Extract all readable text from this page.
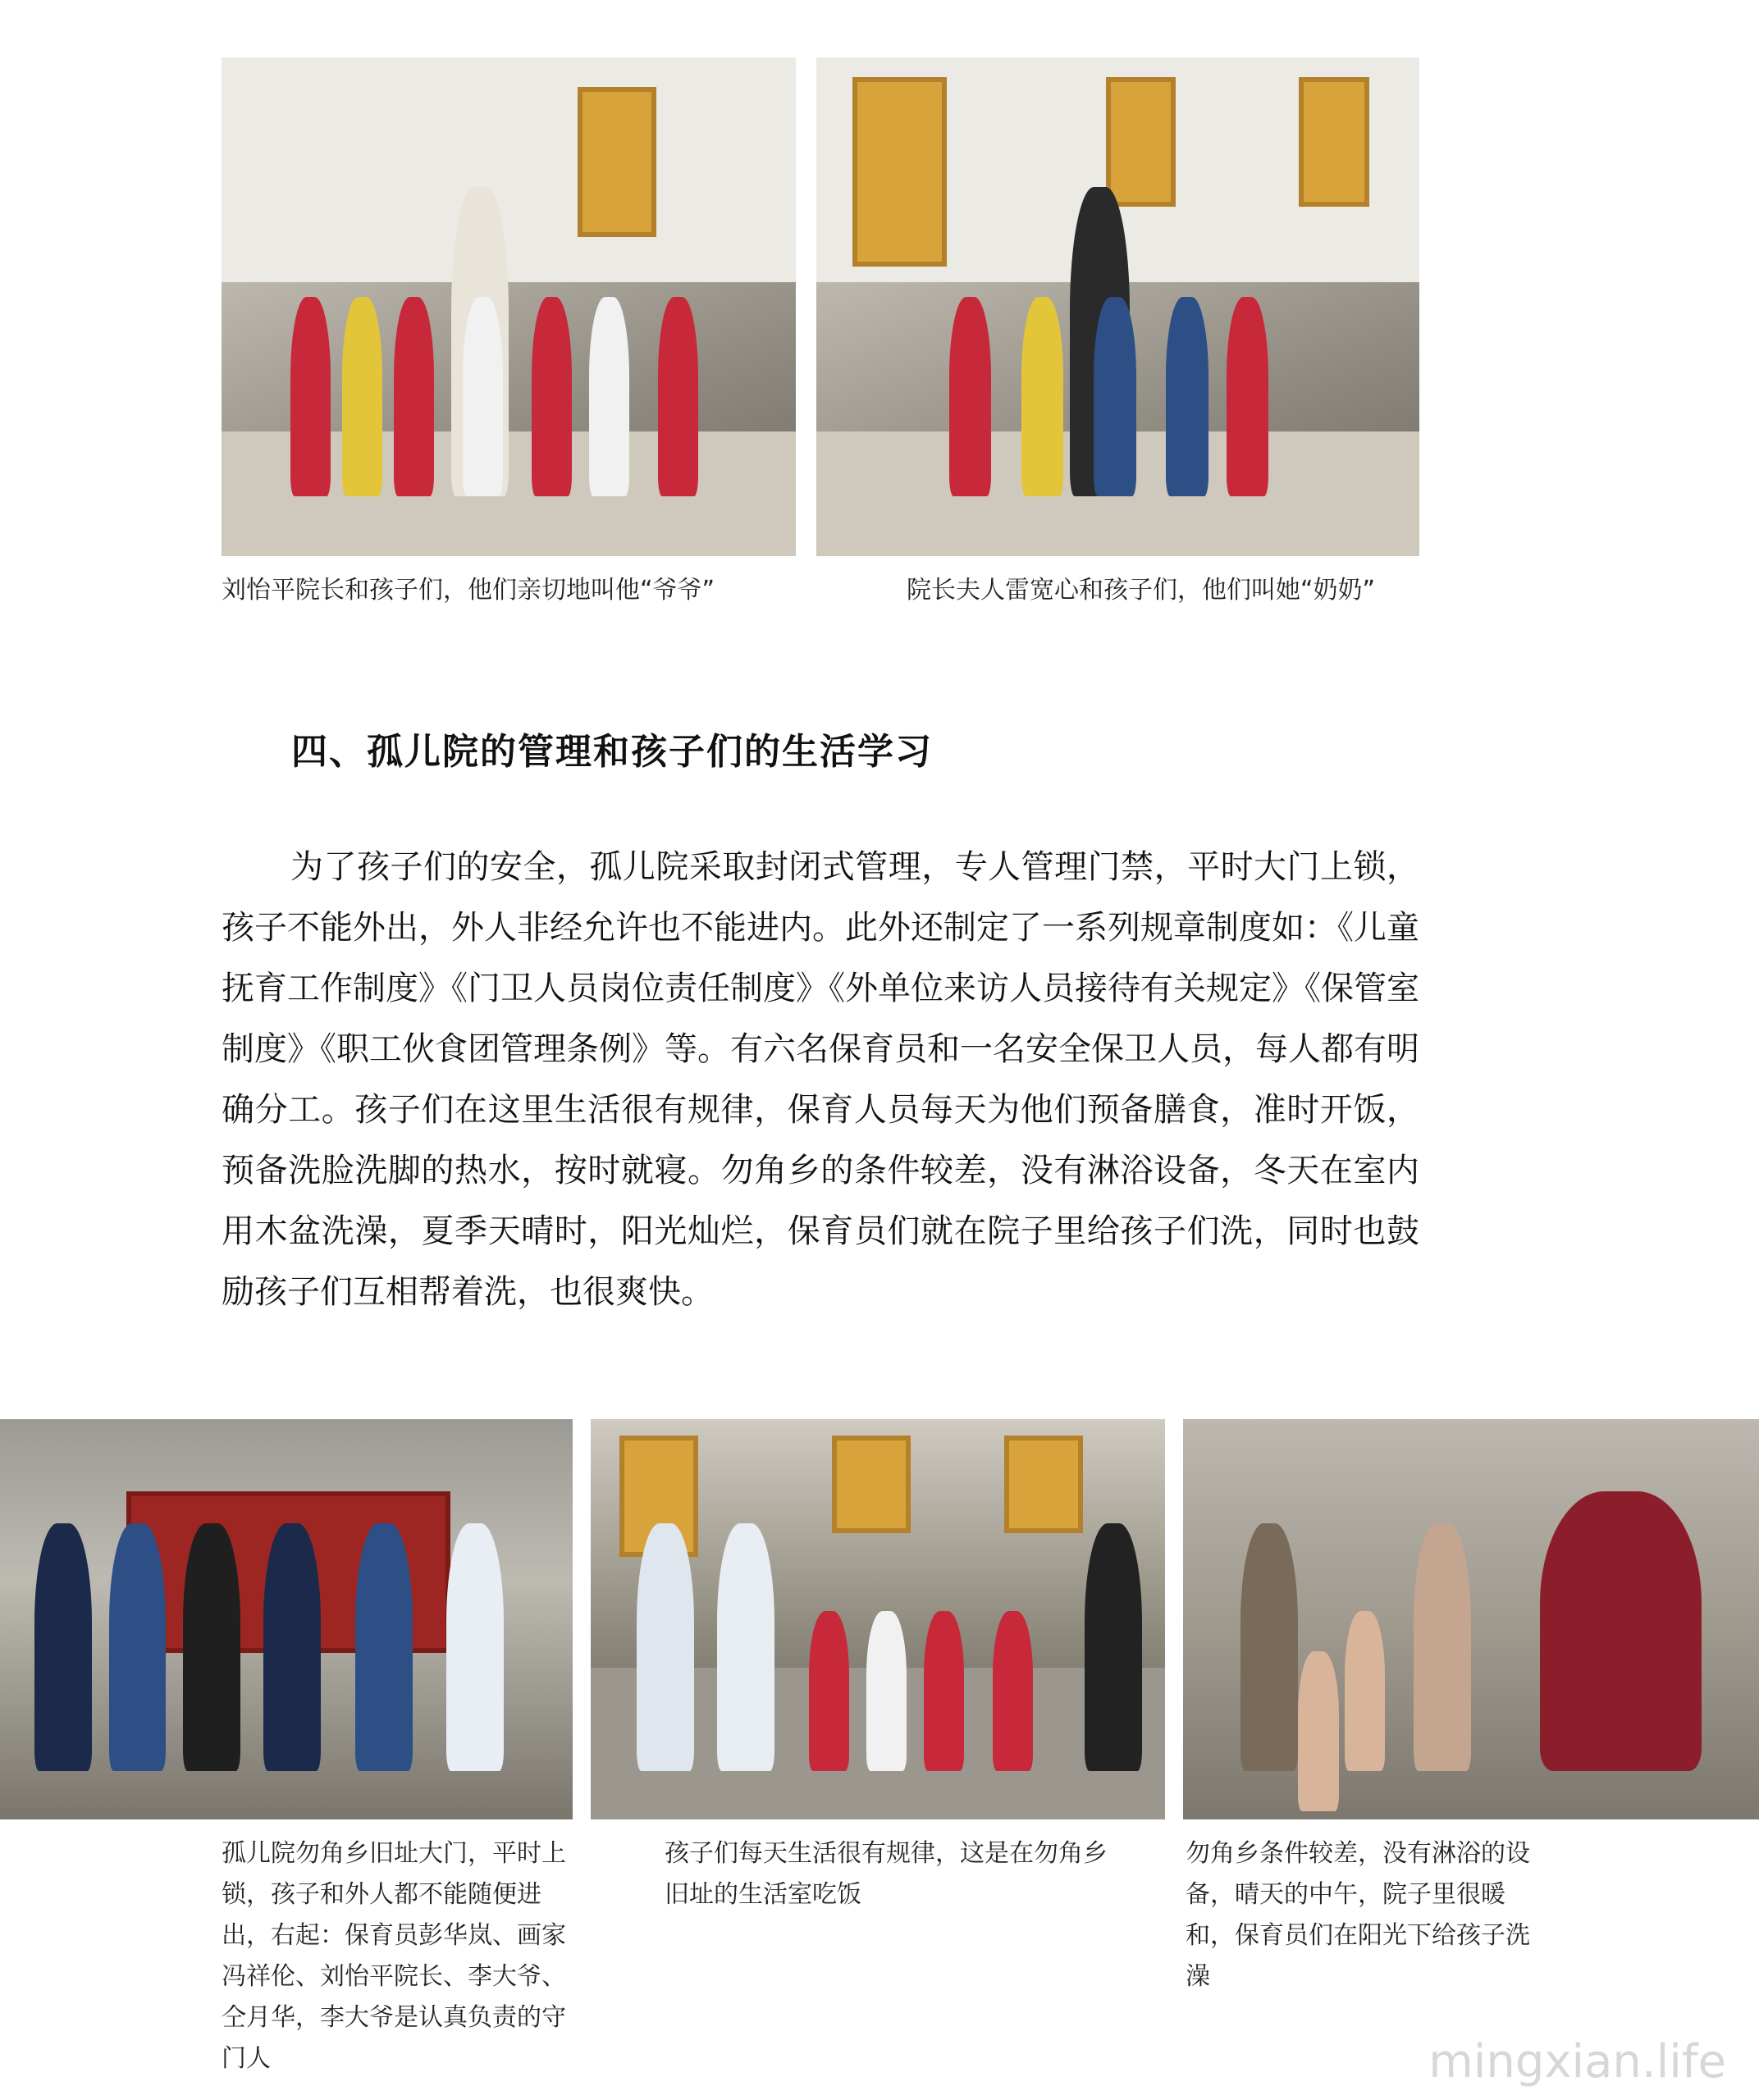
刘怡平院长和孩子们，他们亲切地叫他“爷爷”	院长夫人雷宽心和孩子们，他们叫她“奶奶”
四、孤儿院的管理和孩子们的生活学习
为了孩子们的安全，孤儿院采取封闭式管理，专人管理门禁，平时大门上锁，孩子不能外出，外人非经允许也不能进内。此外还制定了一系列规章制度如：《儿童抚育工作制度》《门卫人员岗位责任制度》《外单位来访人员接待有关规定》《保管室制度》《职工伙食团管理条例》等。有六名保育员和一名安全保卫人员，每人都有明确分工。孩子们在这里生活很有规律，保育人员每天为他们预备膳食，准时开饭，预备洗脸洗脚的热水，按时就寝。勿角乡的条件较差，没有淋浴设备，冬天在室内用木盆洗澡，夏季天晴时，阳光灿烂，保育员们就在院子里给孩子们洗，同时也鼓励孩子们互相帮着洗，也很爽快。
孤儿院勿角乡旧址大门，平时上锁，孩子和外人都不能随便进出，右起：保育员彭华岚、画家冯祥伦、刘怡平院长、李大爷、仝月华，李大爷是认真负责的守门人
孩子们每天生活很有规律，这是在勿角乡旧址的生活室吃饭
勿角乡条件较差，没有淋浴的设备，晴天的中午，院子里很暖和，保育员们在阳光下给孩子洗澡
mingxian.life
